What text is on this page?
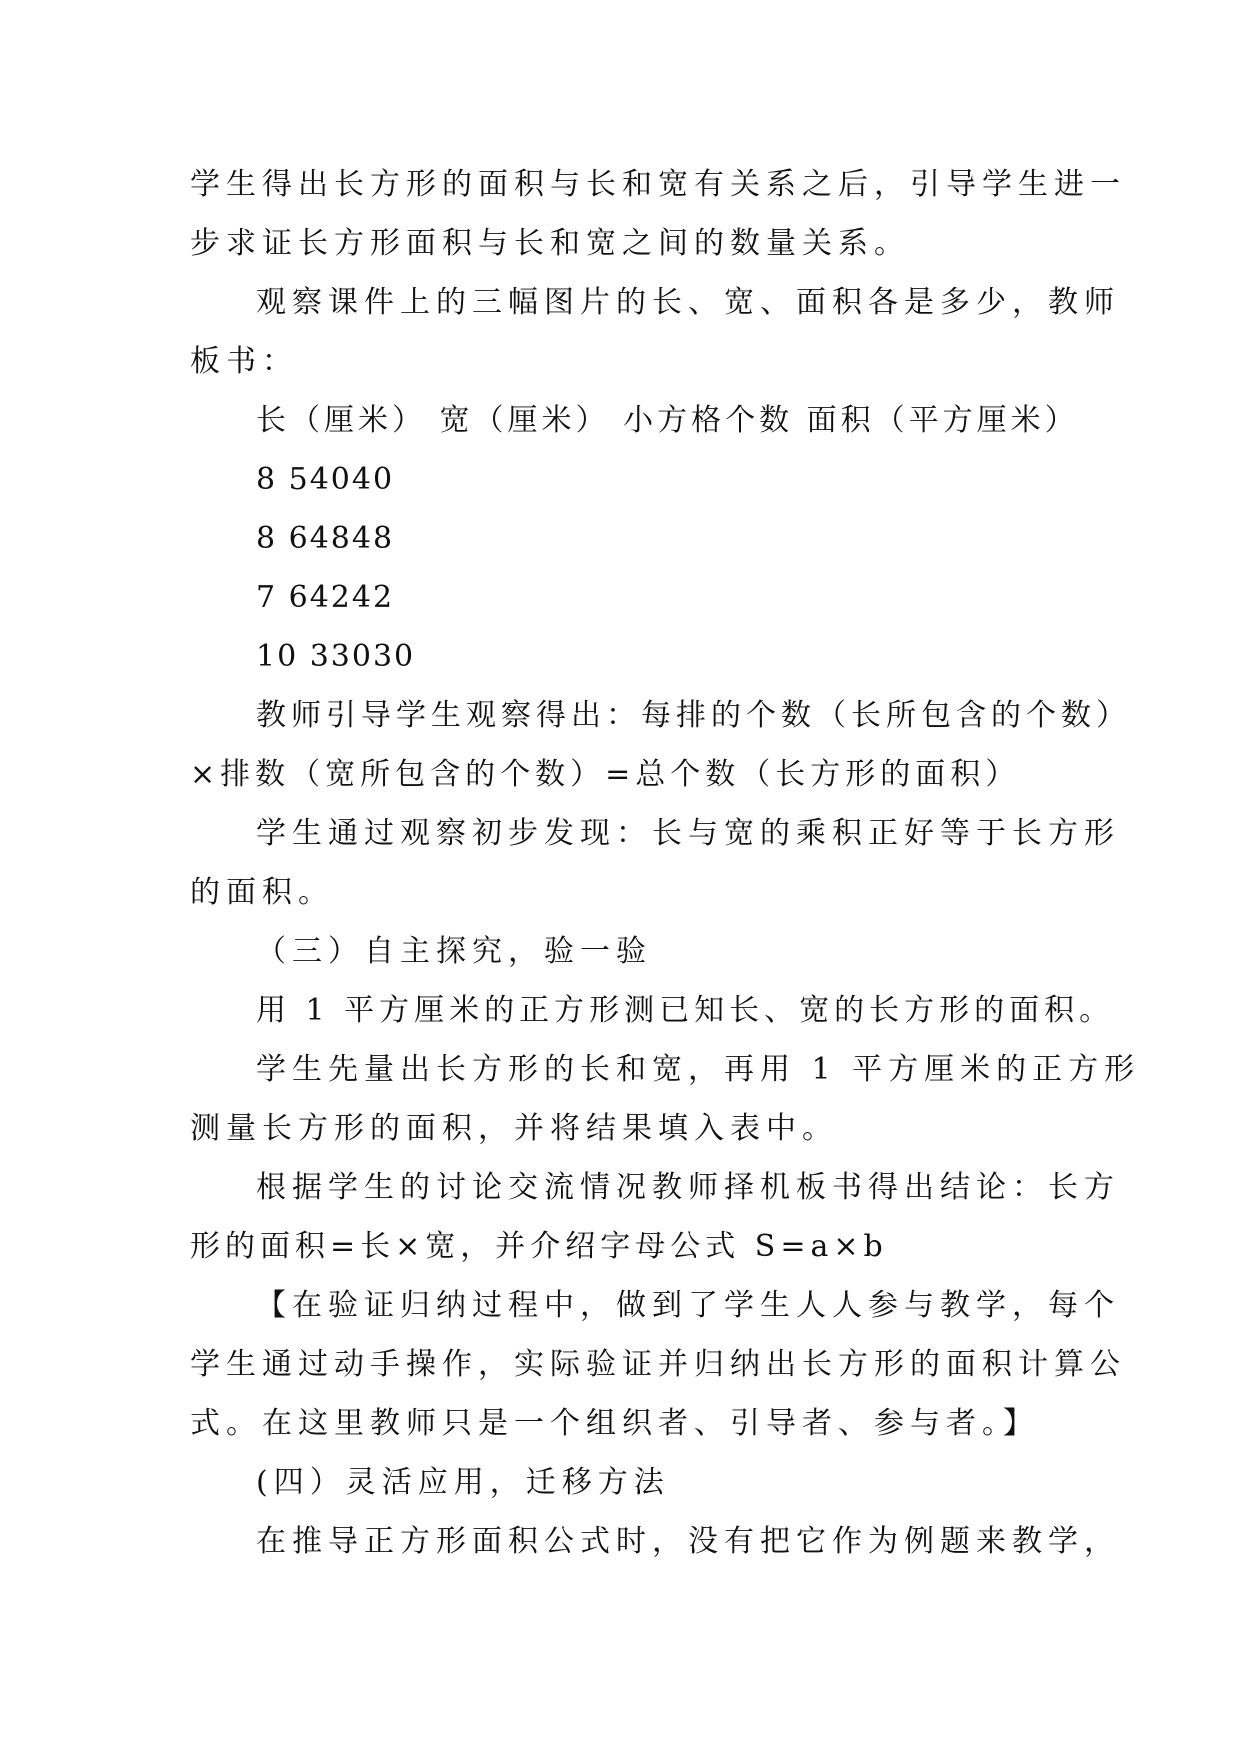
学生得出长方形的面积与长和宽有关系之后，引导学生进一
步求证长方形面积与长和宽之间的数量关系。
观察课件上的三幅图片的长、宽、面积各是多少，教师
板书：
长（厘米） 宽（厘米） 小方格个数 面积（平方厘米）
8 54040
8 64848
7 64242
10 33030
教师引导学生观察得出：每排的个数（长所包含的个数）
×排数（宽所包含的个数）=总个数（长方形的面积）
学生通过观察初步发现：长与宽的乘积正好等于长方形
的面积。
（三）自主探究，验一验
用 1 平方厘米的正方形测已知长、宽的长方形的面积。
学生先量出长方形的长和宽，再用 1 平方厘米的正方形
测量长方形的面积，并将结果填入表中。
根据学生的讨论交流情况教师择机板书得出结论：长方
形的面积=长×宽，并介绍字母公式 S=a×b
【在验证归纳过程中，做到了学生人人参与教学，每个
学生通过动手操作，实际验证并归纳出长方形的面积计算公
式。在这里教师只是一个组织者、引导者、参与者。】
(四）灵活应用，迁移方法
在推导正方形面积公式时，没有把它作为例题来教学，
